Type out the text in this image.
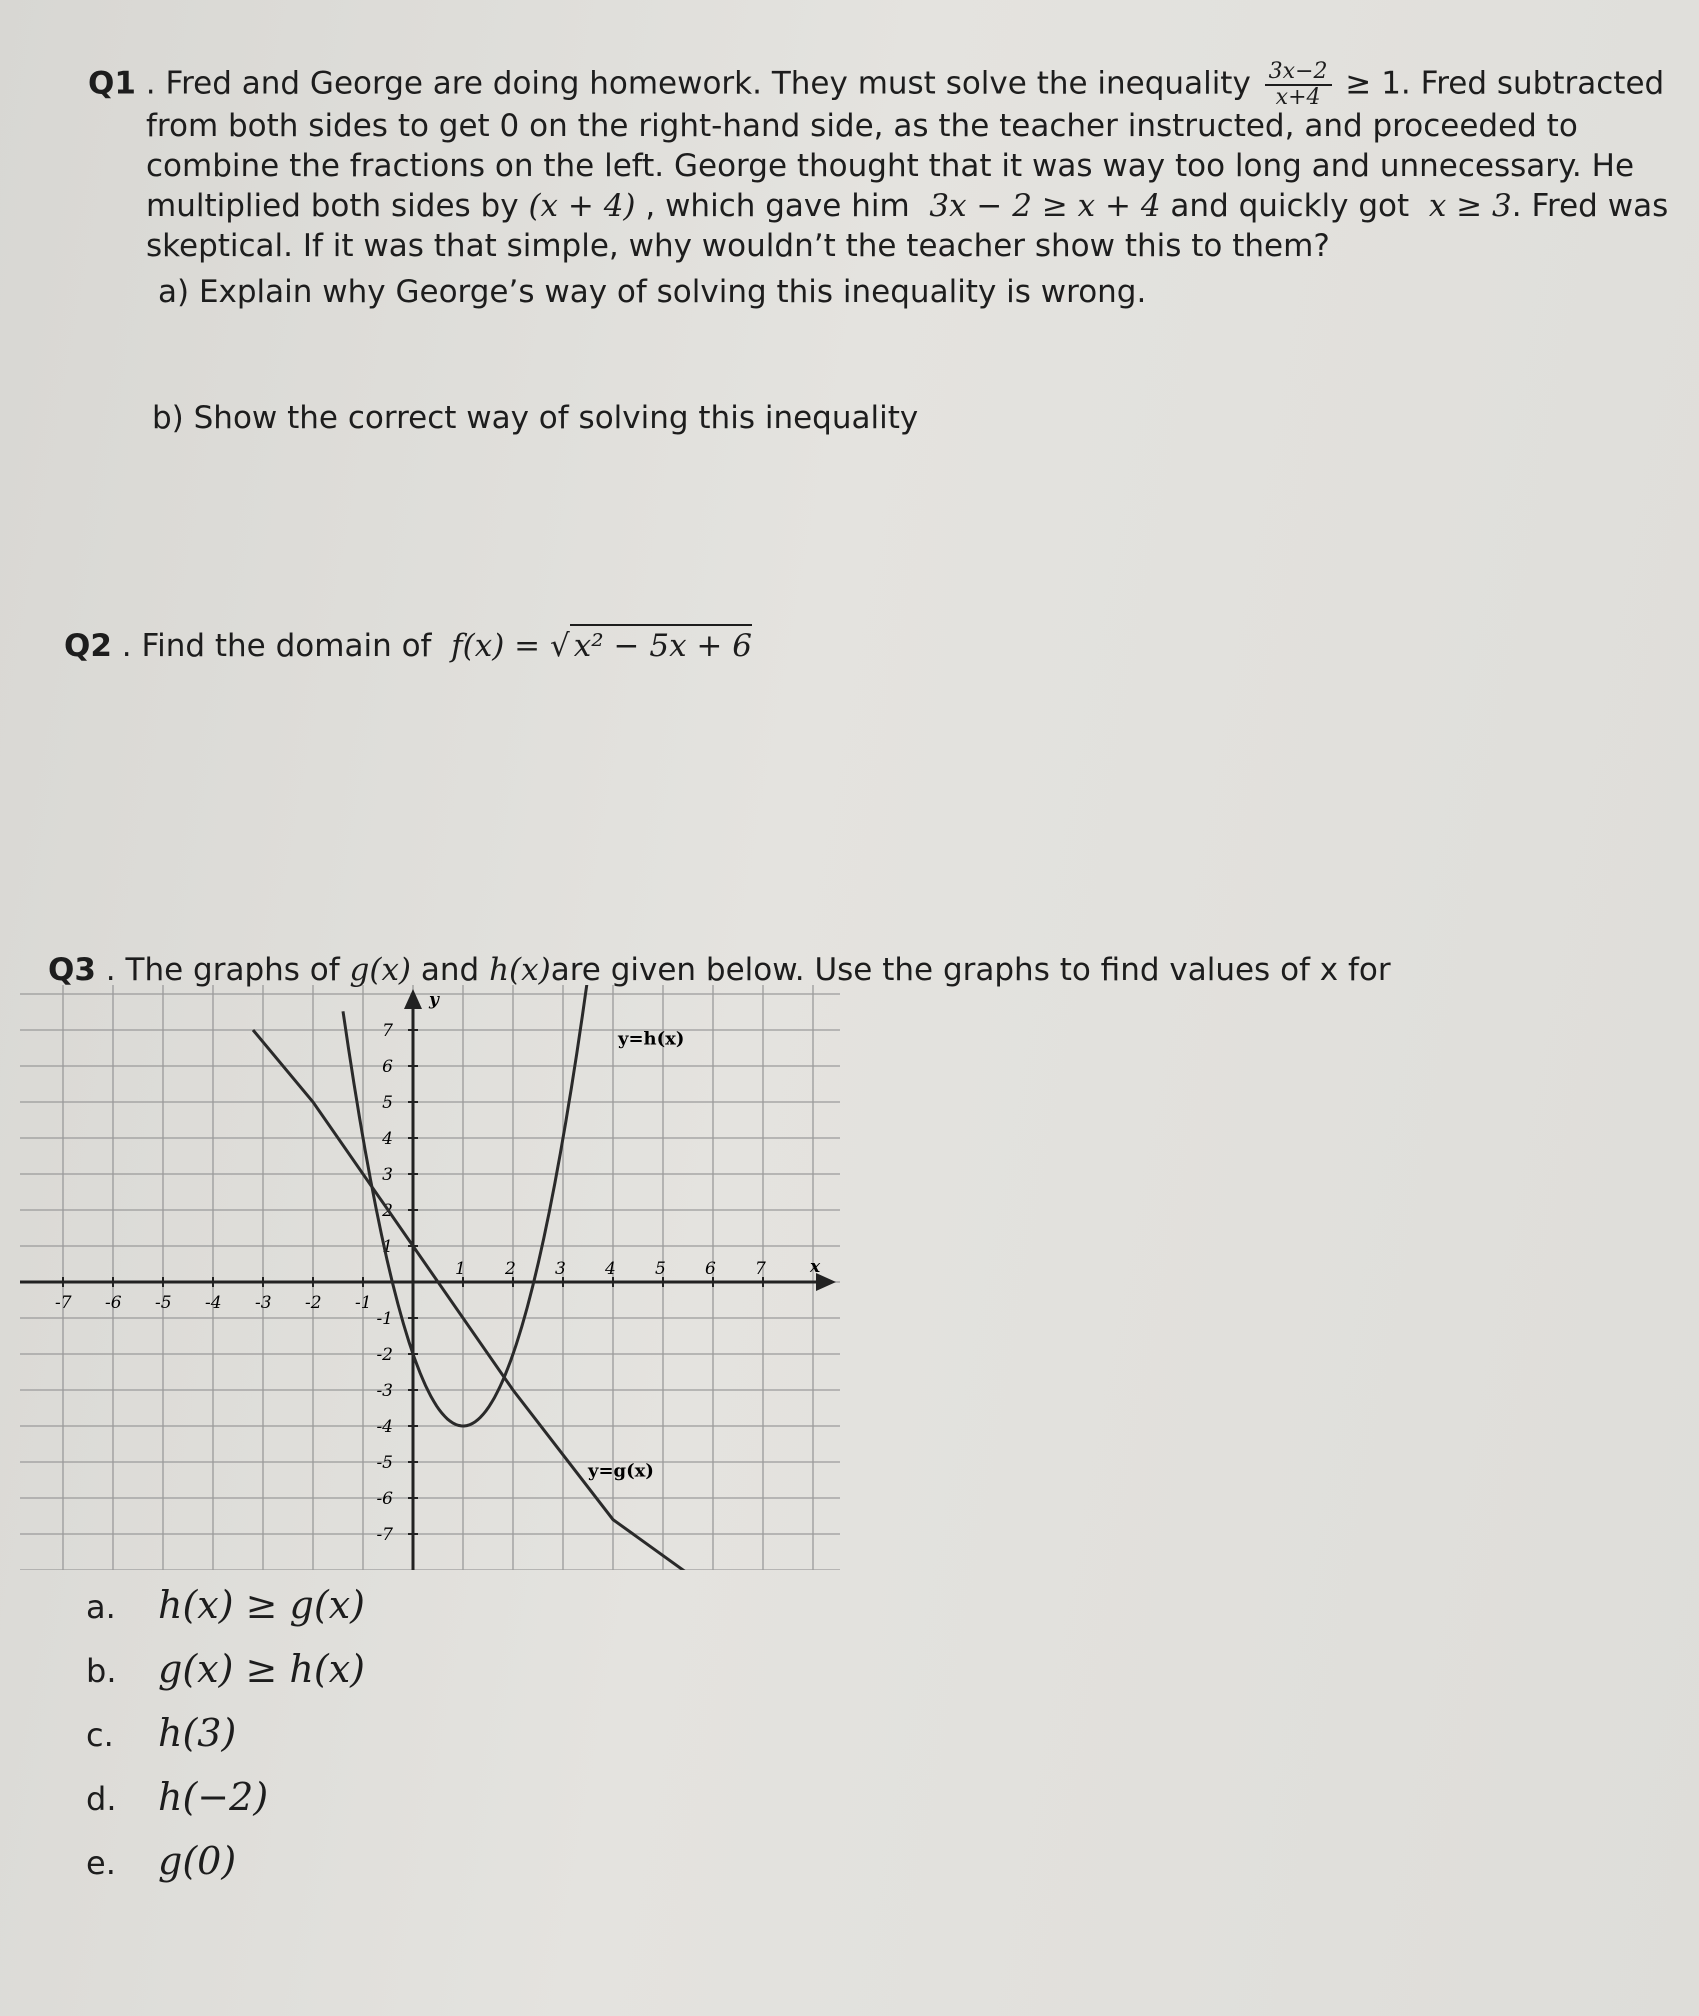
Q1 . Fred and George are doing homework. They must solve the inequality $\frac{3x-2}{x+4} \ge 1$. Fred subtracted
from both sides to get 0 on the right-hand side, as the teacher instructed, and proceeded to
combine the fractions on the left. George thought that it was way too long and unnecessary. He
multiplied both sides by (x + 4) , which gave him 3x − 2 ≥ x + 4 and quickly got x ≥ 3. Fred was
skeptical. If it was that simple, why wouldn’t the teacher show this to them?
a) Explain why George’s way of solving this inequality is wrong.
b) Show the correct way of solving this inequality
Q2 . Find the domain of f(x) = √ x² − 5x + 6
Q3 . The graphs of g(x) and h(x)are given below. Use the graphs to find values of x for
x
y
-7 -6 -5 -4 -3 -2 -1
1 2 3 4 5 6 7
7
6
5
4
3
2
1
-1
-2
-3
-4
-5
-6
-7
y=h(x)
y=g(x)
a. h(x) ≥ g(x)
b. g(x) ≥ h(x)
c. h(3)
d. h(−2)
e. g(0)
